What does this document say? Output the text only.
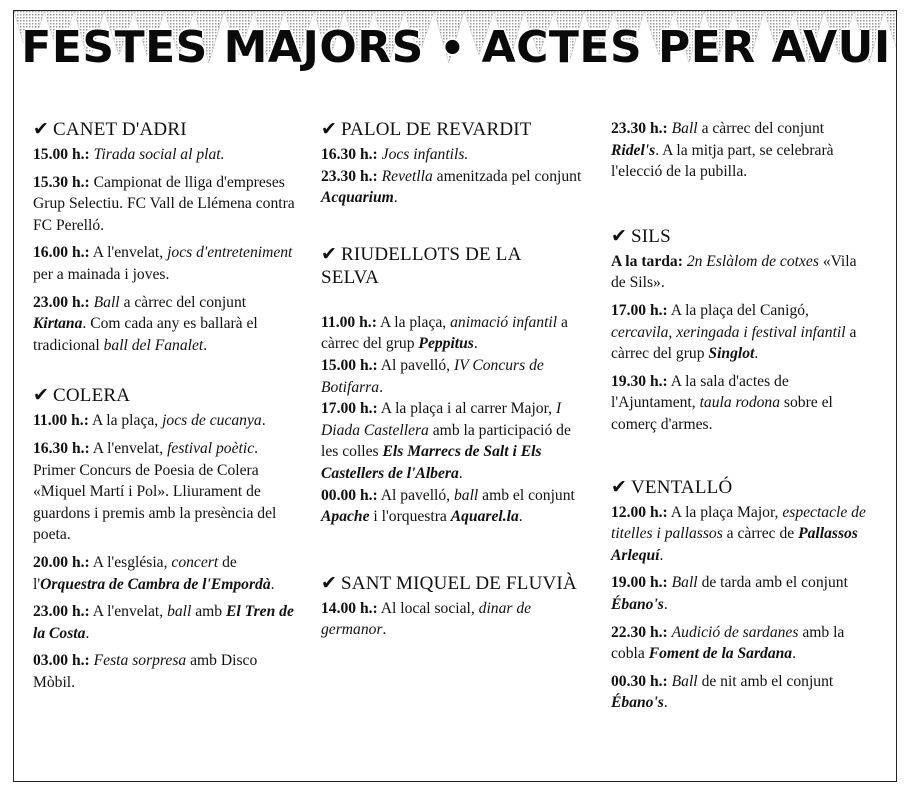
FESTES MAJORS • ACTES PER AVUI
✔ CANET D'ADRI
15.00 h.: Tirada social al plat.
15.30 h.: Campionat de lliga d'empreses Grup Selectiu. FC Vall de Llémena contra FC Perelló.
16.00 h.: A l'envelat, jocs d'entreteniment per a mainada i joves.
23.00 h.: Ball a càrrec del conjunt Kirtana. Com cada any es ballarà el tradicional ball del Fanalet.
✔ COLERA
11.00 h.: A la plaça, jocs de cucanya.
16.30 h.: A l'envelat, festival poètic. Primer Concurs de Poesia de Colera «Miquel Martí i Pol». Lliurament de guardons i premis amb la presència del poeta.
20.00 h.: A l'església, concert de l'Orquestra de Cambra de l'Empordà.
23.00 h.: A l'envelat, ball amb El Tren de la Costa.
03.00 h.: Festa sorpresa amb Disco Mòbil.
✔ PALOL DE REVARDIT
16.30 h.: Jocs infantils.
23.30 h.: Revetlla amenitzada pel conjunt Acquarium.
✔ RIUDELLOTS DE LA SELVA
11.00 h.: A la plaça, animació infantil a càrrec del grup Peppitus.
15.00 h.: Al pavelló, IV Concurs de Botifarra.
17.00 h.: A la plaça i al carrer Major, I Diada Castellera amb la participació de les colles Els Marrecs de Salt i Els Castellers de l'Albera.
00.00 h.: Al pavelló, ball amb el conjunt Apache i l'orquestra Aquarel.la.
✔ SANT MIQUEL DE FLUVIÀ
14.00 h.: Al local social, dinar de germanor.
23.30 h.: Ball a càrrec del conjunt Ridel's. A la mitja part, se celebrarà l'elecció de la pubilla.
✔ SILS
A la tarda: 2n Eslàlom de cotxes «Vila de Sils».
17.00 h.: A la plaça del Canigó, cercavila, xeringada i festival infantil a càrrec del grup Singlot.
19.30 h.: A la sala d'actes de l'Ajuntament, taula rodona sobre el comerç d'armes.
✔ VENTALLÓ
12.00 h.: A la plaça Major, espectacle de titelles i pallassos a càrrec de Pallassos Arlequí.
19.00 h.: Ball de tarda amb el conjunt Ébano's.
22.30 h.: Audició de sardanes amb la cobla Foment de la Sardana.
00.30 h.: Ball de nit amb el conjunt Ébano's.
